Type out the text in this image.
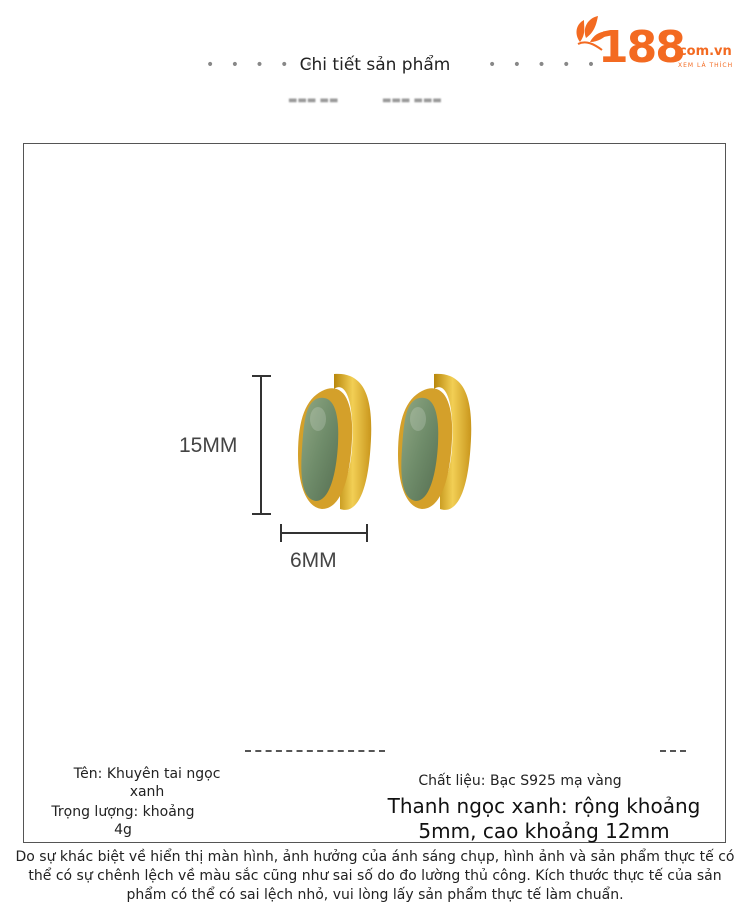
• • • • •
Chi tiết sản phẩm	• • • • •
▬▬▬ ▬▬	▬▬▬ ▬▬▬
188
.com.vn
XEM LÀ THÍCH
15MM
6MM
Tên: Khuyên tai ngọc xanh
Trọng lượng: khoảng 4g
Chất liệu: Bạc S925 mạ vàng
Thanh ngọc xanh: rộng khoảng 5mm, cao khoảng 12mm
Do sự khác biệt về hiển thị màn hình, ảnh hưởng của ánh sáng chụp, hình ảnh và sản phẩm thực tế có thể có sự chênh lệch về màu sắc cũng như sai số do đo lường thủ công. Kích thước thực tế của sản phẩm có thể có sai lệch nhỏ, vui lòng lấy sản phẩm thực tế làm chuẩn.
